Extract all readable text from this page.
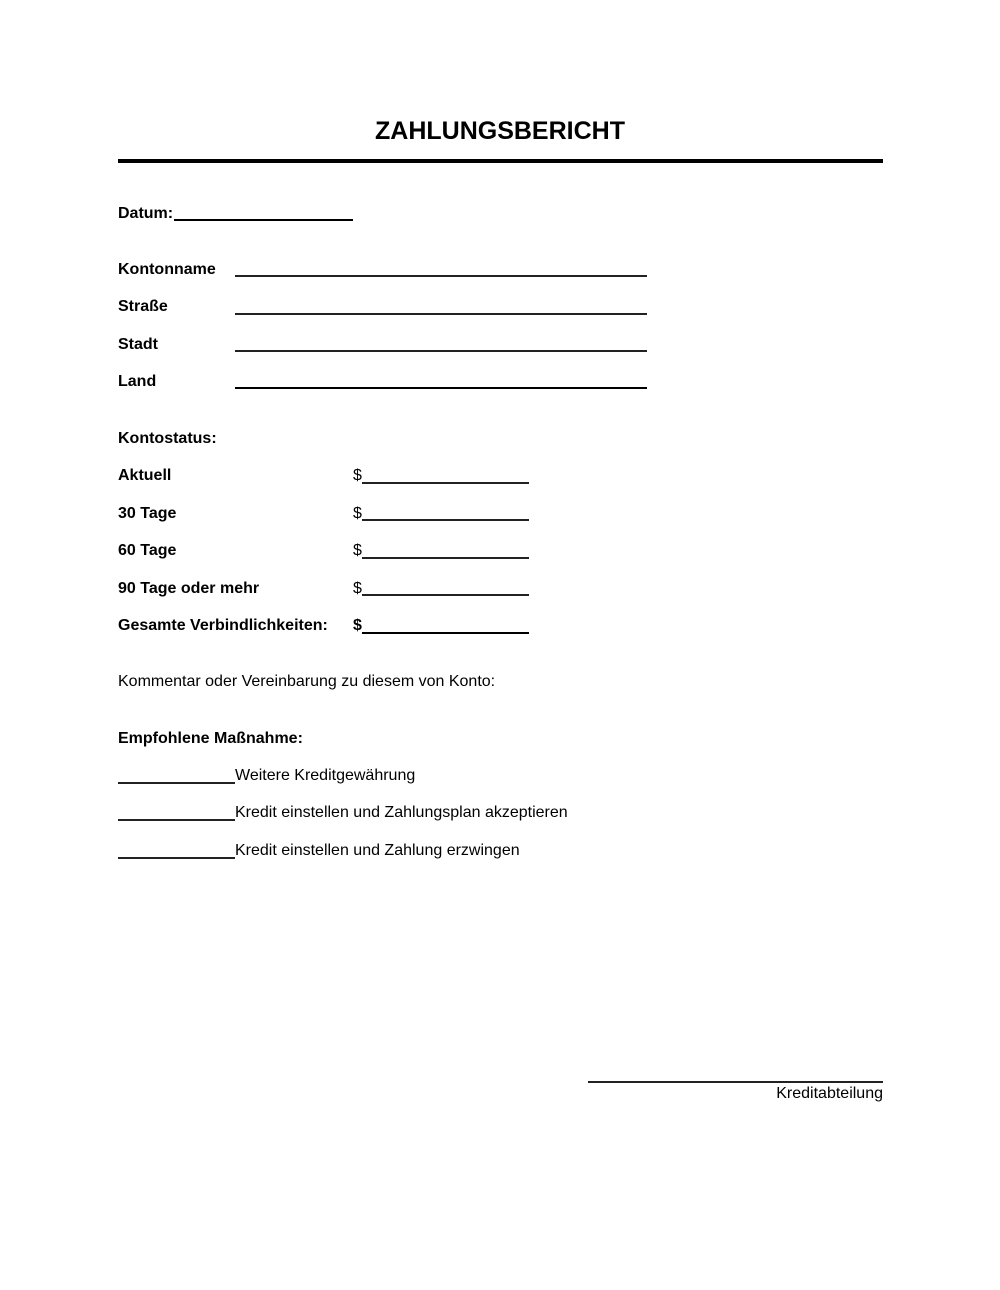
ZAHLUNGSBERICHT
Datum:
Kontonname
Straße
Stadt
Land
Kontostatus:
Aktuell	$
30 Tage	$
60 Tage	$
90 Tage oder mehr	$
Gesamte Verbindlichkeiten: $
Kommentar oder Vereinbarung zu diesem von Konto:
Empfohlene Maßnahme:
Weitere Kreditgewährung
Kredit einstellen und Zahlungsplan akzeptieren
Kredit einstellen und Zahlung erzwingen
Kreditabteilung
